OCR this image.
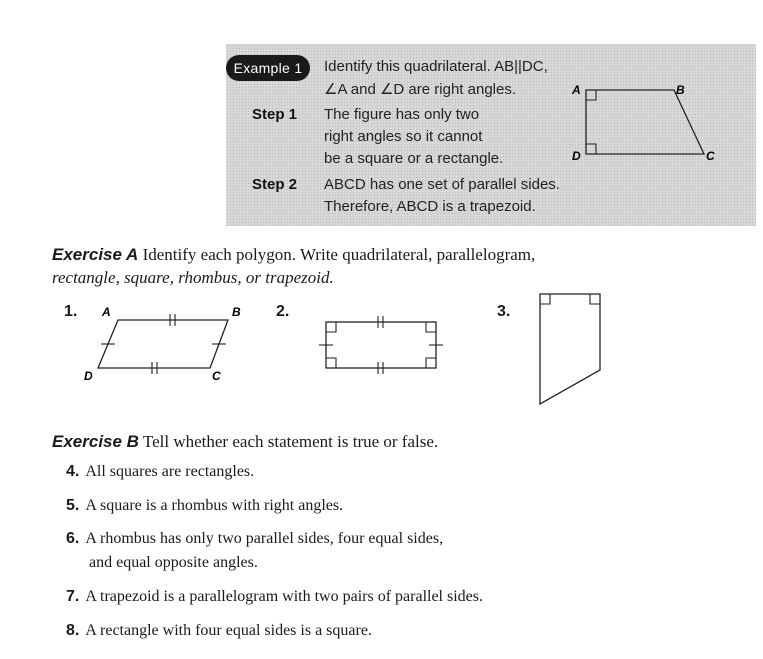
Example 1	Identify this quadrilateral. AB||DC,
∠A and ∠D are right angles.
Step 1 The figure has only two
right angles so it cannot
be a square or a rectangle.
Step 2 ABCD has one set of parallel sides.
Therefore, ABCD is a trapezoid.
A	B
C
D
Exercise A Identify each polygon. Write quadrilateral, parallelogram,
rectangle, square, rhombus, or trapezoid.
1. A	B
C
D
2.	3.
Exercise B Tell whether each statement is true or false.
4. All squares are rectangles.
5. A square is a rhombus with right angles.
6. A rhombus has only two parallel sides, four equal sides,
and equal opposite angles.
7. A trapezoid is a parallelogram with two pairs of parallel sides.
8. A rectangle with four equal sides is a square.
